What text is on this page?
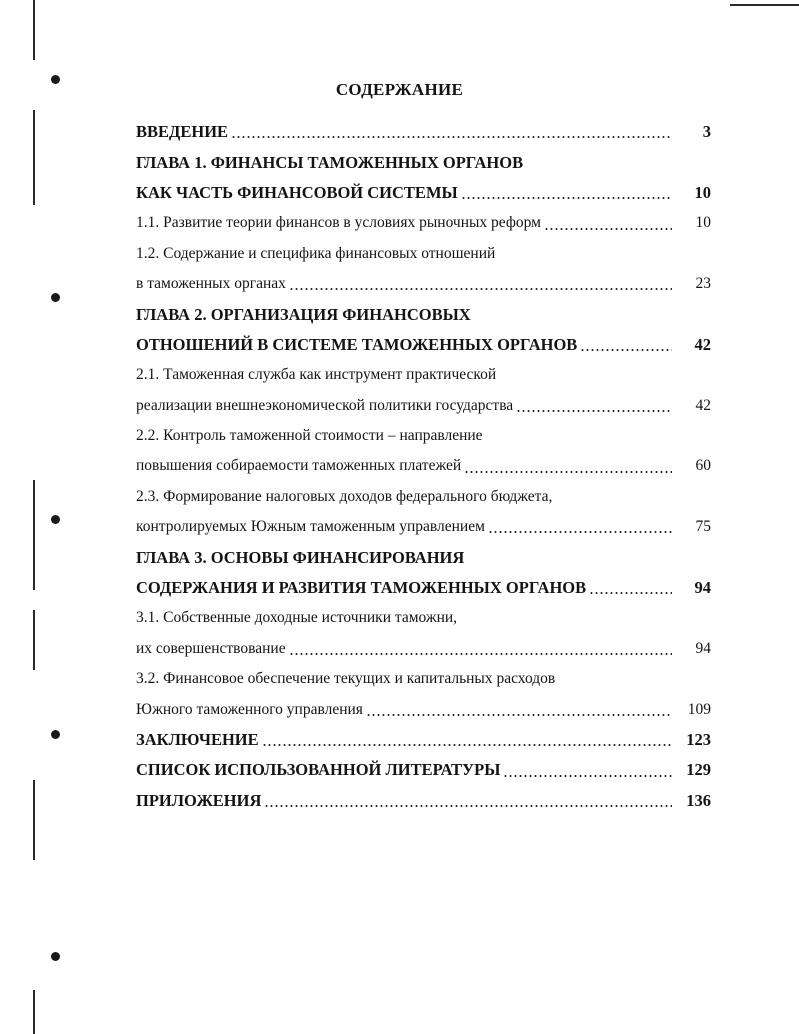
СОДЕРЖАНИЕ
ВВЕДЕНИЕ	3
ГЛАВА 1. ФИНАНСЫ ТАМОЖЕННЫХ ОРГАНОВ
КАК ЧАСТЬ ФИНАНСОВОЙ СИСТЕМЫ	10
1.1. Развитие теории финансов в условиях рыночных реформ	10
1.2. Содержание и специфика финансовых отношений
в таможенных органах	23
ГЛАВА 2. ОРГАНИЗАЦИЯ ФИНАНСОВЫХ
ОТНОШЕНИЙ В СИСТЕМЕ ТАМОЖЕННЫХ ОРГАНОВ	42
2.1. Таможенная служба как инструмент практической
реализации внешнеэкономической политики государства	42
2.2. Контроль таможенной стоимости – направление
повышения собираемости таможенных платежей	60
2.3. Формирование налоговых доходов федерального бюджета,
контролируемых Южным таможенным управлением	75
ГЛАВА 3. ОСНОВЫ ФИНАНСИРОВАНИЯ
СОДЕРЖАНИЯ И РАЗВИТИЯ ТАМОЖЕННЫХ ОРГАНОВ	94
3.1. Собственные доходные источники таможни,
их совершенствование	94
3.2. Финансовое обеспечение текущих и капитальных расходов
Южного таможенного управления	109
ЗАКЛЮЧЕНИЕ	123
СПИСОК ИСПОЛЬЗОВАННОЙ ЛИТЕРАТУРЫ	129
ПРИЛОЖЕНИЯ	136
